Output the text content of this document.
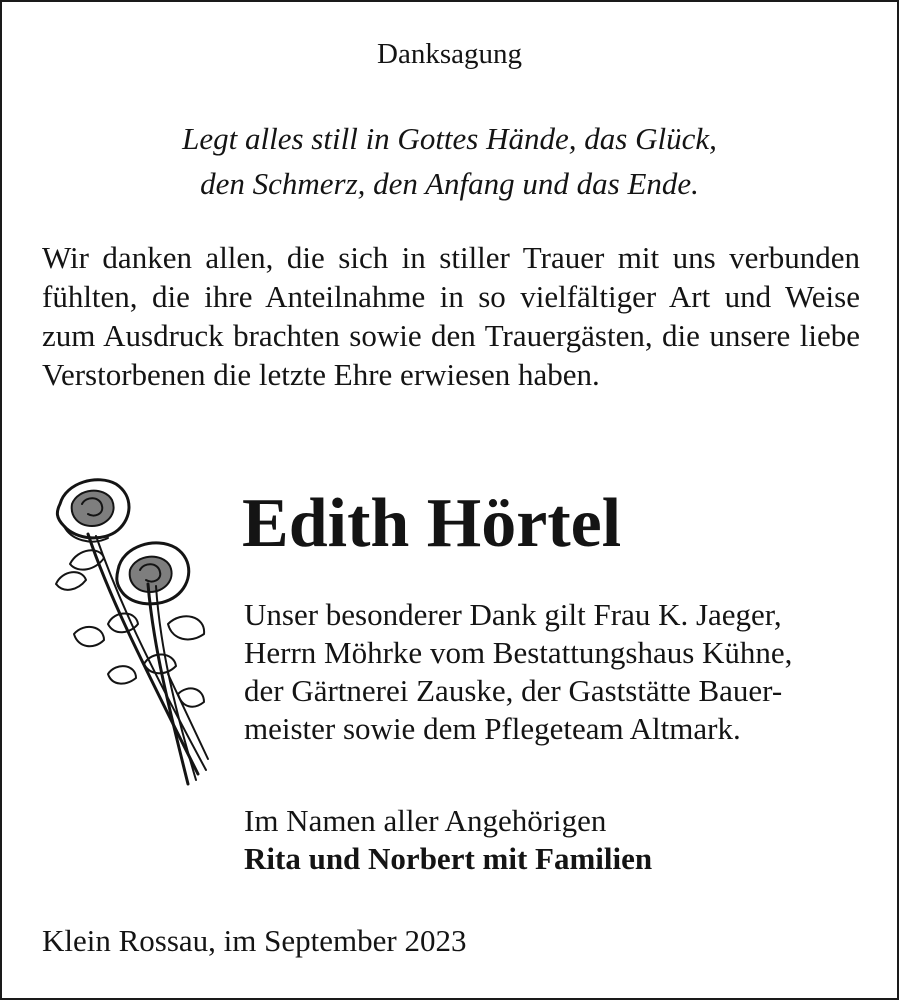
Danksagung
Legt alles still in Gottes Hände, das Glück,
den Schmerz, den Anfang und das Ende.
Wir danken allen, die sich in stiller Trauer mit uns verbunden fühlten, die ihre Anteilnahme in so vielfältiger Art und Weise zum Ausdruck brachten sowie den Trauergästen, die unsere liebe Verstorbenen die letzte Ehre erwiesen haben.
Edith Hörtel
Unser besonderer Dank gilt Frau K. Jaeger,
Herrn Möhrke vom Bestattungshaus Kühne,
der Gärtnerei Zauske, der Gaststätte Bauer-
meister sowie dem Pflegeteam Altmark.
Im Namen aller Angehörigen
Rita und Norbert mit Familien
Klein Rossau, im September 2023
